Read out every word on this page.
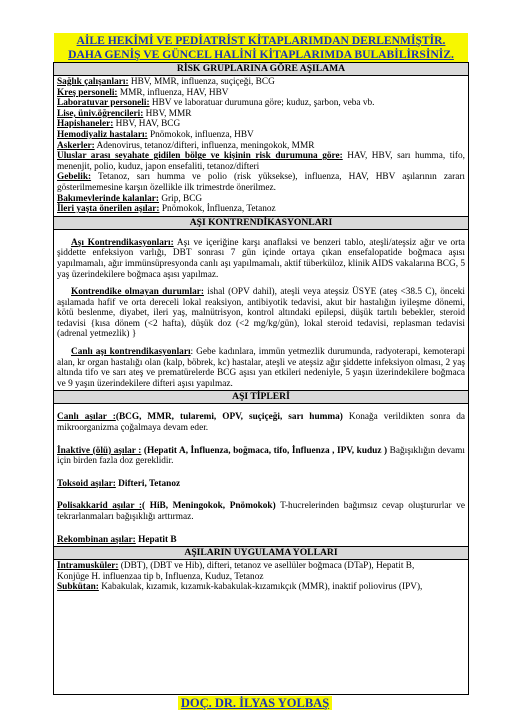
AİLE HEKİMİ VE PEDİATRİST KİTAPLARIMDAN DERLENMİŞTİR.
DAHA GENİŞ VE GÜNCEL HALİNİ KİTAPLARIMDA BULABİLİRSİNİZ.
RİSK GRUPLARINA GÖRE AŞILAMA
Sağlık çalışanları: HBV, MMR, influenza, suçiçeği, BCG
Kreş personeli: MMR, influenza, HAV, HBV
Laboratuvar personeli: HBV ve laboratuar durumuna göre; kuduz, şarbon, veba vb.
Lise, üniv.öğrencileri: HBV, MMR
Hapishaneler: HBV, HAV, BCG
Hemodiyaliz hastaları: Pnömokok, influenza, HBV
Askerler: Adenovirus, tetanoz/difteri, influenza, meningokok, MMR
Uluslar arası seyahate gidilen bölge ve kişinin risk durumuna göre: HAV, HBV, sarı humma, tifo, menenjit, polio, kuduz, japon ensefaliti, tetanoz/difteri
Gebelik: Tetanoz, sarı humma ve polio (risk yüksekse), influenza, HAV, HBV aşılarının zararı gösterilmemesine karşın özellikle ilk trimestrde önerilmez.
Bakımevlerinde kalanlar: Grip, BCG
İleri yaşta önerilen aşılar: Pnömokok, İnfluenza, Tetanoz
AŞI KONTRENDİKASYONLARI
Aşı Kontrendikasyonları: Aşı ve içeriğine karşı anaflaksi ve benzeri tablo, ateşli/ateşsiz ağır ve orta şiddette enfeksiyon varlığı, DBT sonrası 7 gün içinde ortaya çıkan ensefalopatide boğmaca aşısı yapılmamalı, ağır immünsüpresyonda canlı aşı yapılmamalı, aktif tüberküloz, klinik AIDS vakalarına BCG, 5 yaş üzerindekilere boğmaca aşısı yapılmaz.
Kontrendike olmayan durumlar: ishal (OPV dahil), ateşli veya ateşsiz ÜSYE (ateş <38.5 C), önceki aşılamada hafif ve orta dereceli lokal reaksiyon, antibiyotik tedavisi, akut bir hastalığın iyileşme dönemi, kötü beslenme, diyabet, ileri yaş, malnütrisyon, kontrol altındaki epilepsi, düşük tartılı bebekler, steroid tedavisi {kısa dönem (<2 hafta), düşük doz (<2 mg/kg/gün), lokal steroid tedavisi, replasman tedavisi (adrenal yetmezlik) }
Canlı aşı kontrendikasyonları: Gebe kadınlara, immün yetmezlik durumunda, radyoterapi, kemoterapi alan, kr organ hastalığı olan (kalp, böbrek, kc) hastalar, ateşli ve ateşsiz ağır şiddette infeksiyon olması, 2 yaş altında tifo ve sarı ateş ve prematürelerde BCG aşısı yan etkileri nedeniyle, 5 yaşın üzerindekilere boğmaca ve 9 yaşın üzerindekilere difteri aşısı yapılmaz.
AŞI TİPLERİ
Canlı aşılar :(BCG, MMR, tularemi, OPV, suçiçeği, sarı humma) Konağa verildikten sonra da mikroorganizma çoğalmaya devam eder.
İnaktive (ölü) aşılar : (Hepatit A, İnfluenza, boğmaca, tifo, İnfluenza , IPV, kuduz ) Bağışıklığın devamı için birden fazla doz gereklidir.
Toksoid aşılar: Difteri, Tetanoz
Polisakkarid aşılar :( HiB, Meningokok, Pnömokok) T-hucrelerinden bağımsız cevap oluştururlar ve tekrarlanmaları bağışıklığı arttırmaz.
Rekombinan aşılar: Hepatit B
AŞILARIN UYGULAMA YOLLARI
İntramusküler: (DBT), (DBT ve Hib), difteri, tetanoz ve asellüler boğmaca (DTaP), Hepatit B,
Konjüge H. influenzaa tip b, Influenza, Kuduz, Tetanoz
Subkütan: Kabakulak, kızamık, kızamık-kabakulak-kızamıkçık (MMR), inaktif poliovirus (IPV),
DOÇ. DR. İLYAS YOLBAŞ
